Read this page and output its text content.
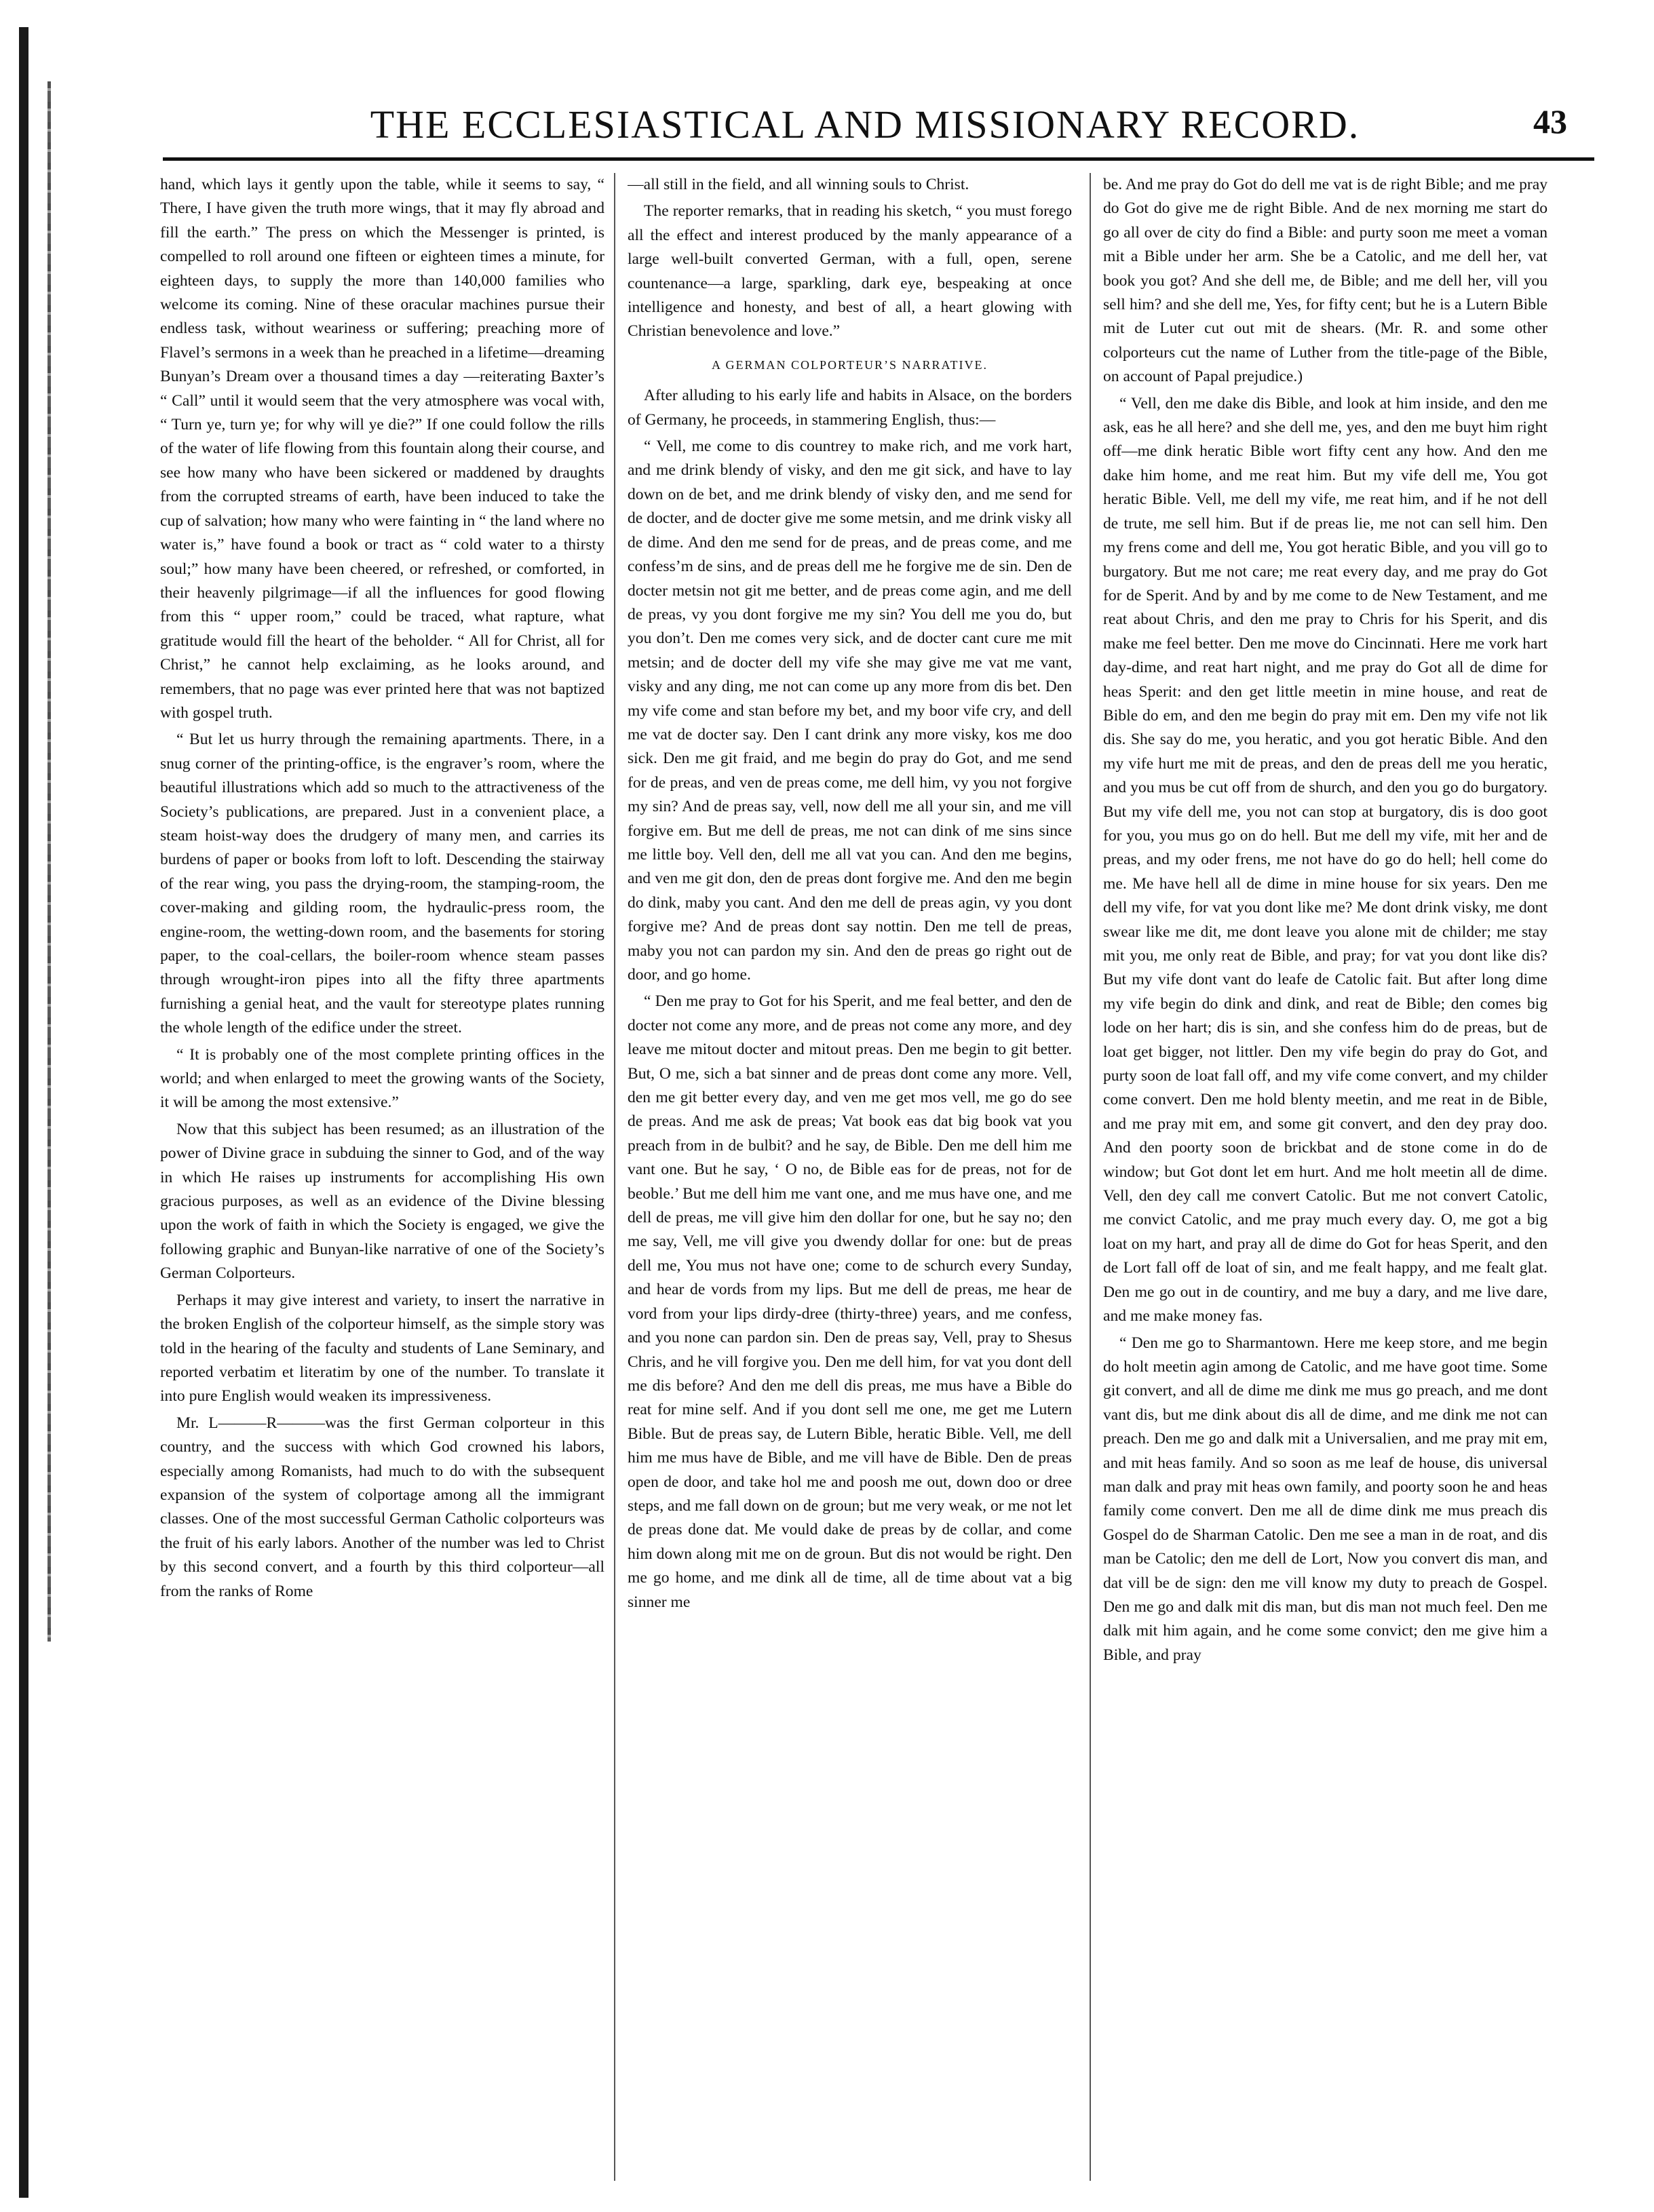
THE ECCLESIASTICAL AND MISSIONARY RECORD.	43

hand, which lays it gently upon the table, while it seems to say, “ There, I have given the truth more wings, that it may fly abroad and fill the earth.” The press on which the Messenger is printed, is compelled to roll around one fifteen or eighteen times a minute, for eighteen days, to supply the more than 140,000 families who welcome its coming. Nine of these oracular machines pursue their endless task, without weariness or suffering; preaching more of Flavel’s sermons in a week than he preached in a lifetime—dreaming Bunyan’s Dream over a thousand times a day —reiterating Baxter’s “ Call” until it would seem that the very atmosphere was vocal with, “ Turn ye, turn ye; for why will ye die?” If one could follow the rills of the water of life flowing from this fountain along their course, and see how many who have been sickered or maddened by draughts from the corrupted streams of earth, have been induced to take the cup of salvation; how many who were fainting in “ the land where no water is,” have found a book or tract as “ cold water to a thirsty soul;” how many have been cheered, or refreshed, or comforted, in their heavenly pilgrimage—if all the influences for good flowing from this “ upper room,” could be traced, what rapture, what gratitude would fill the heart of the beholder. “ All for Christ, all for Christ,” he cannot help exclaiming, as he looks around, and remembers, that no page was ever printed here that was not baptized with gospel truth.

“ But let us hurry through the remaining apartments. There, in a snug corner of the printing-office, is the engraver’s room, where the beautiful illustrations which add so much to the attractiveness of the Society’s publications, are prepared. Just in a convenient place, a steam hoist-way does the drudgery of many men, and carries its burdens of paper or books from loft to loft. Descending the stairway of the rear wing, you pass the drying-room, the stamping-room, the cover-making and gilding room, the hydraulic-press room, the engine-room, the wetting-down room, and the basements for storing paper, to the coal-cellars, the boiler-room whence steam passes through wrought-iron pipes into all the fifty three apartments furnishing a genial heat, and the vault for stereotype plates running the whole length of the edifice under the street.

“ It is probably one of the most complete printing offices in the world; and when enlarged to meet the growing wants of the Society, it will be among the most extensive.”

Now that this subject has been resumed; as an illustration of the power of Divine grace in subduing the sinner to God, and of the way in which He raises up instruments for accomplishing His own gracious purposes, as well as an evidence of the Divine blessing upon the work of faith in which the Society is engaged, we give the following graphic and Bunyan-like narrative of one of the Society’s German Colporteurs.

Perhaps it may give interest and variety, to insert the narrative in the broken English of the colporteur himself, as the simple story was told in the hearing of the faculty and students of Lane Seminary, and reported verbatim et literatim by one of the number. To translate it into pure English would weaken its impressiveness.

Mr. L———R———was the first German colporteur in this country, and the success with which God crowned his labors, especially among Romanists, had much to do with the subsequent expansion of the system of colportage among all the immigrant classes. One of the most successful German Catholic colporteurs was the fruit of his early labors. Another of the number was led to Christ by this second convert, and a fourth by this third colporteur—all from the ranks of Rome

—all still in the field, and all winning souls to Christ.

The reporter remarks, that in reading his sketch, “ you must forego all the effect and interest produced by the manly appearance of a large well-built converted German, with a full, open, serene countenance—a large, sparkling, dark eye, bespeaking at once intelligence and honesty, and best of all, a heart glowing with Christian benevolence and love.”

A GERMAN COLPORTEUR’S NARRATIVE.

After alluding to his early life and habits in Alsace, on the borders of Germany, he proceeds, in stammering English, thus:—

“ Vell, me come to dis countrey to make rich, and me vork hart, and me drink blendy of visky, and den me git sick, and have to lay down on de bet, and me drink blendy of visky den, and me send for de docter, and de docter give me some metsin, and me drink visky all de dime. And den me send for de preas, and de preas come, and me confess’m de sins, and de preas dell me he forgive me de sin. Den de docter metsin not git me better, and de preas come agin, and me dell de preas, vy you dont forgive me my sin? You dell me you do, but you don’t. Den me comes very sick, and de docter cant cure me mit metsin; and de docter dell my vife she may give me vat me vant, visky and any ding, me not can come up any more from dis bet. Den my vife come and stan before my bet, and my boor vife cry, and dell me vat de docter say. Den I cant drink any more visky, kos me doo sick. Den me git fraid, and me begin do pray do Got, and me send for de preas, and ven de preas come, me dell him, vy you not forgive my sin? And de preas say, vell, now dell me all your sin, and me vill forgive em. But me dell de preas, me not can dink of me sins since me little boy. Vell den, dell me all vat you can. And den me begins, and ven me git don, den de preas dont forgive me. And den me begin do dink, maby you cant. And den me dell de preas agin, vy you dont forgive me? And de preas dont say nottin. Den me tell de preas, maby you not can pardon my sin. And den de preas go right out de door, and go home.

“ Den me pray to Got for his Sperit, and me feal better, and den de docter not come any more, and de preas not come any more, and dey leave me mitout docter and mitout preas. Den me begin to git better. But, O me, sich a bat sinner and de preas dont come any more. Vell, den me git better every day, and ven me get mos vell, me go do see de preas. And me ask de preas; Vat book eas dat big book vat you preach from in de bulbit? and he say, de Bible. Den me dell him me vant one. But he say, ‘ O no, de Bible eas for de preas, not for de beoble.’ But me dell him me vant one, and me mus have one, and me dell de preas, me vill give him den dollar for one, but he say no; den me say, Vell, me vill give you dwendy dollar for one: but de preas dell me, You mus not have one; come to de schurch every Sunday, and hear de vords from my lips. But me dell de preas, me hear de vord from your lips dirdy-dree (thirty-three) years, and me confess, and you none can pardon sin. Den de preas say, Vell, pray to Shesus Chris, and he vill forgive you. Den me dell him, for vat you dont dell me dis before? And den me dell dis preas, me mus have a Bible do reat for mine self. And if you dont sell me one, me get me Lutern Bible. But de preas say, de Lutern Bible, heratic Bible. Vell, me dell him me mus have de Bible, and me vill have de Bible. Den de preas open de door, and take hol me and poosh me out, down doo or dree steps, and me fall down on de groun; but me very weak, or me not let de preas done dat. Me vould dake de preas by de collar, and come him down along mit me on de groun. But dis not would be right. Den me go home, and me dink all de time, all de time about vat a big sinner me

be. And me pray do Got do dell me vat is de right Bible; and me pray do Got do give me de right Bible. And de nex morning me start do go all over de city do find a Bible: and purty soon me meet a voman mit a Bible under her arm. She be a Catolic, and me dell her, vat book you got? And she dell me, de Bible; and me dell her, vill you sell him? and she dell me, Yes, for fifty cent; but he is a Lutern Bible mit de Luter cut out mit de shears. (Mr. R. and some other colporteurs cut the name of Luther from the title-page of the Bible, on account of Papal prejudice.)

“ Vell, den me dake dis Bible, and look at him inside, and den me ask, eas he all here? and she dell me, yes, and den me buyt him right off—me dink heratic Bible wort fifty cent any how. And den me dake him home, and me reat him. But my vife dell me, You got heratic Bible. Vell, me dell my vife, me reat him, and if he not dell de trute, me sell him. But if de preas lie, me not can sell him. Den my frens come and dell me, You got heratic Bible, and you vill go to burgatory. But me not care; me reat every day, and me pray do Got for de Sperit. And by and by me come to de New Testament, and me reat about Chris, and den me pray to Chris for his Sperit, and dis make me feel better. Den me move do Cincinnati. Here me vork hart day-dime, and reat hart night, and me pray do Got all de dime for heas Sperit: and den get little meetin in mine house, and reat de Bible do em, and den me begin do pray mit em. Den my vife not lik dis. She say do me, you heratic, and you got heratic Bible. And den my vife hurt me mit de preas, and den de preas dell me you heratic, and you mus be cut off from de shurch, and den you go do burgatory. But my vife dell me, you not can stop at burgatory, dis is doo goot for you, you mus go on do hell. But me dell my vife, mit her and de preas, and my oder frens, me not have do go do hell; hell come do me. Me have hell all de dime in mine house for six years. Den me dell my vife, for vat you dont like me? Me dont drink visky, me dont swear like me dit, me dont leave you alone mit de childer; me stay mit you, me only reat de Bible, and pray; for vat you dont like dis? But my vife dont vant do leafe de Catolic fait. But after long dime my vife begin do dink and dink, and reat de Bible; den comes big lode on her hart; dis is sin, and she confess him do de preas, but de loat get bigger, not littler. Den my vife begin do pray do Got, and purty soon de loat fall off, and my vife come convert, and my childer come convert. Den me hold blenty meetin, and me reat in de Bible, and me pray mit em, and some git convert, and den dey pray doo. And den poorty soon de brickbat and de stone come in do de window; but Got dont let em hurt. And me holt meetin all de dime. Vell, den dey call me convert Catolic. But me not convert Catolic, me convict Catolic, and me pray much every day. O, me got a big loat on my hart, and pray all de dime do Got for heas Sperit, and den de Lort fall off de loat of sin, and me fealt happy, and me fealt glat. Den me go out in de countiry, and me buy a dary, and me live dare, and me make money fas.

“ Den me go to Sharmantown. Here me keep store, and me begin do holt meetin agin among de Catolic, and me have goot time. Some git convert, and all de dime me dink me mus go preach, and me dont vant dis, but me dink about dis all de dime, and me dink me not can preach. Den me go and dalk mit a Universalien, and me pray mit em, and mit heas family. And so soon as me leaf de house, dis universal man dalk and pray mit heas own family, and poorty soon he and heas family come convert. Den me all de dime dink me mus preach dis Gospel do de Sharman Catolic. Den me see a man in de roat, and dis man be Catolic; den me dell de Lort, Now you convert dis man, and dat vill be de sign: den me vill know my duty to preach de Gospel. Den me go and dalk mit dis man, but dis man not much feel. Den me dalk mit him again, and he come some convict; den me give him a Bible, and pray
